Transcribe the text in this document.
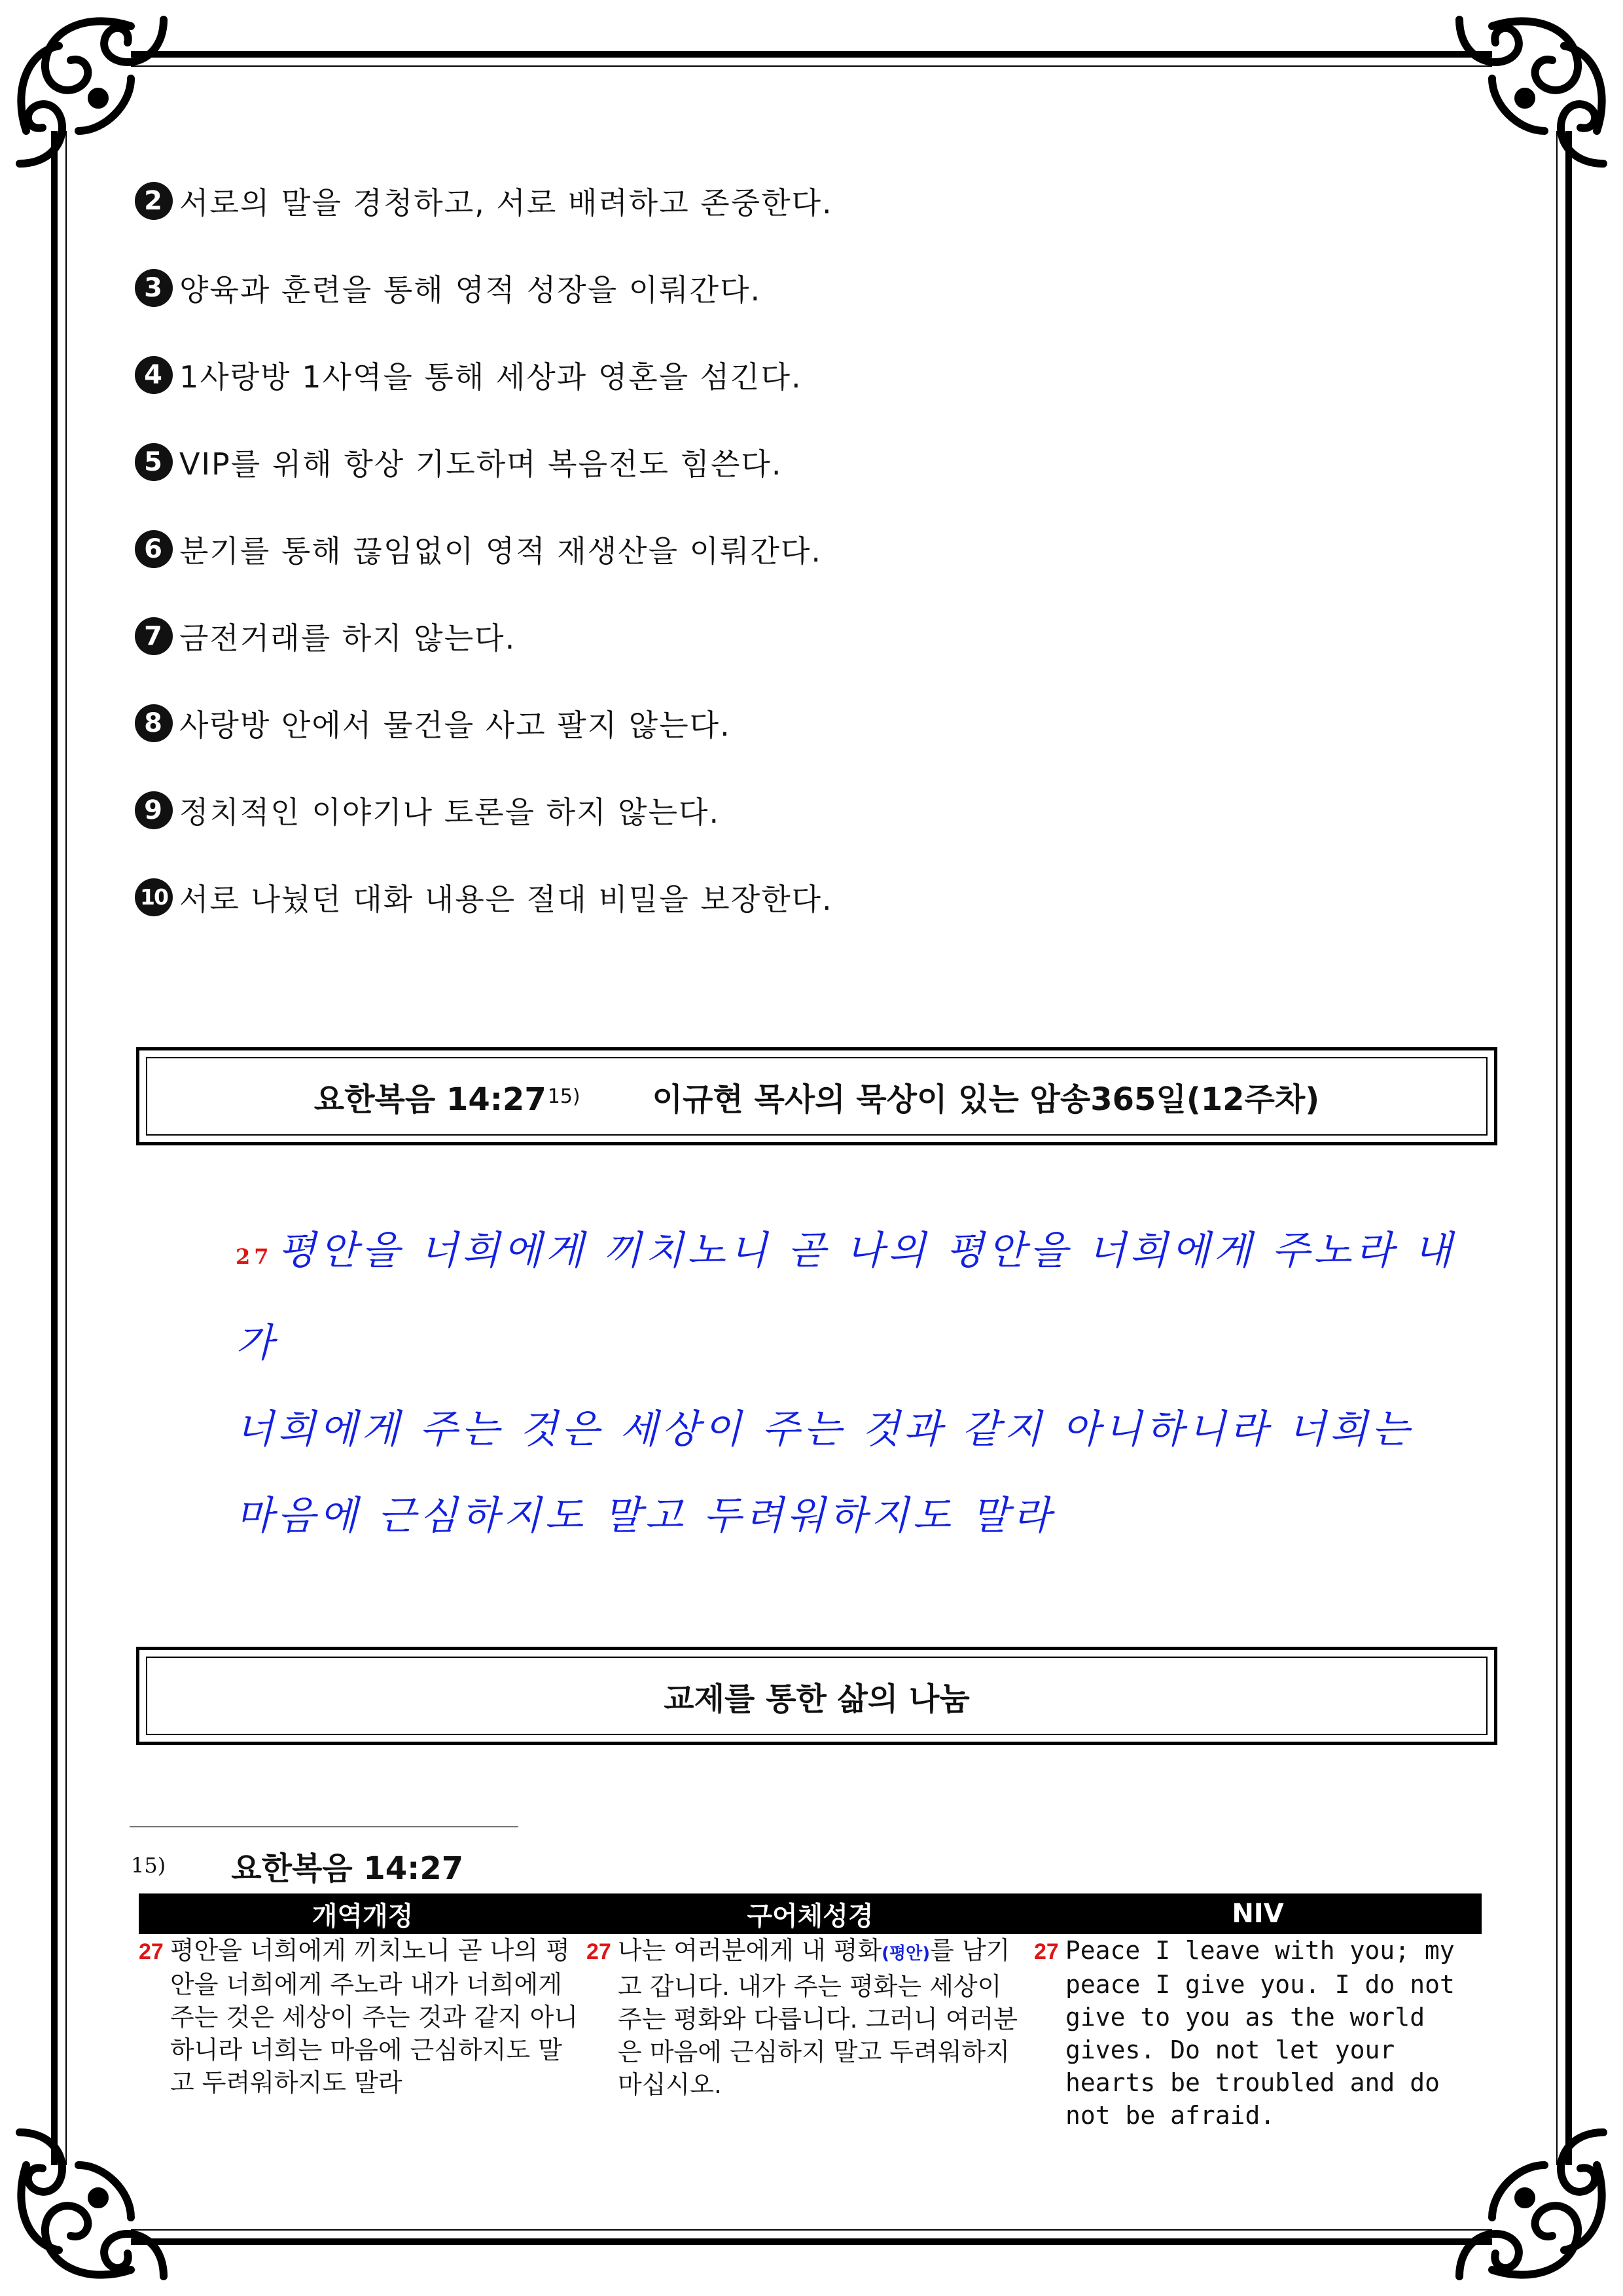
2 서로의 말을 경청하고, 서로 배려하고 존중한다.
3 양육과 훈련을 통해 영적 성장을 이뤄간다.
4 1사랑방 1사역을 통해 세상과 영혼을 섬긴다.
5 VIP를 위해 항상 기도하며 복음전도 힘쓴다.
6 분기를 통해 끊임없이 영적 재생산을 이뤄간다.
7 금전거래를 하지 않는다.
8 사랑방 안에서 물건을 사고 팔지 않는다.
9 정치적인 이야기나 토론을 하지 않는다.
10 서로 나눴던 대화 내용은 절대 비밀을 보장한다.
요한복음 14:27 15) 이규현 목사의 묵상이 있는 암송365일(12주차)
27 평안을 너희에게 끼치노니 곧 나의 평안을 너희에게 주노라 내가
너희에게 주는 것은 세상이 주는 것과 같지 아니하니라 너희는
마음에 근심하지도 말고 두려워하지도 말라
교제를 통한 삶의 나눔
15) 요한복음 14:27
개역개정	구어체성경	NIV
27 평안을 너희에게 끼치노니 곧 나의 평안을 너희에게 주노라 내가 너희에게 주는 것은 세상이 주는 것과 같지 아니하니라 너희는 마음에 근심하지도 말고 두려워하지도 말라
27 나는 여러분에게 내 평화(평안)를 남기고 갑니다. 내가 주는 평화는 세상이 주는 평화와 다릅니다. 그러니 여러분은 마음에 근심하지 말고 두려워하지 마십시오.
27 Peace I leave with you; my peace I give you. I do not give to you as the world gives. Do not let your hearts be troubled and do not be afraid.
